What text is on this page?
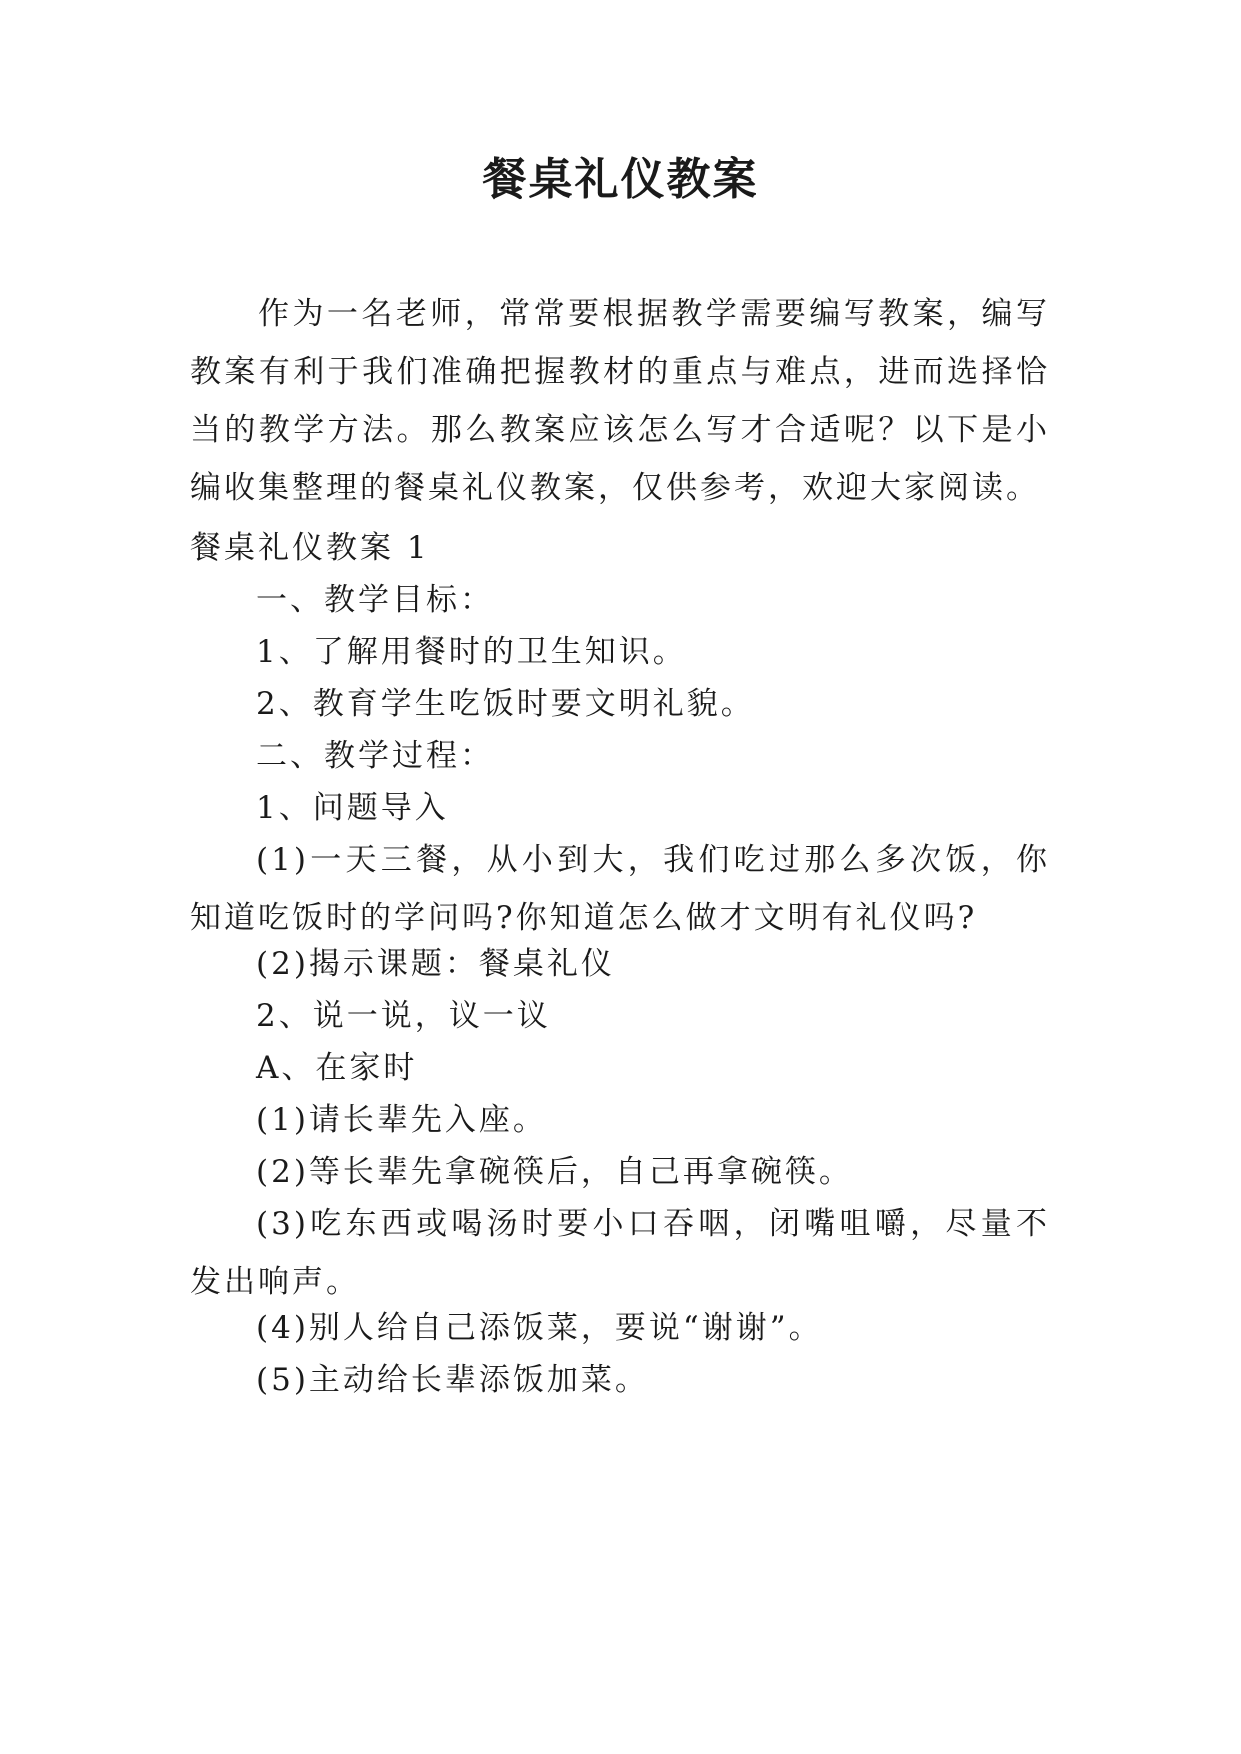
餐桌礼仪教案
作为一名老师，常常要根据教学需要编写教案，编写教案有利于我们准确把握教材的重点与难点，进而选择恰当的教学方法。那么教案应该怎么写才合适呢？以下是小编收集整理的餐桌礼仪教案，仅供参考，欢迎大家阅读。
餐桌礼仪教案 1
一、教学目标：
1、了解用餐时的卫生知识。
2、教育学生吃饭时要文明礼貌。
二、教学过程：
1、问题导入
(1)一天三餐，从小到大，我们吃过那么多次饭，你知道吃饭时的学问吗?你知道怎么做才文明有礼仪吗?
(2)揭示课题：餐桌礼仪
2、说一说，议一议
A、在家时
(1)请长辈先入座。
(2)等长辈先拿碗筷后，自己再拿碗筷。
(3)吃东西或喝汤时要小口吞咽，闭嘴咀嚼，尽量不发出响声。
(4)别人给自己添饭菜，要说“谢谢”。
(5)主动给长辈添饭加菜。
